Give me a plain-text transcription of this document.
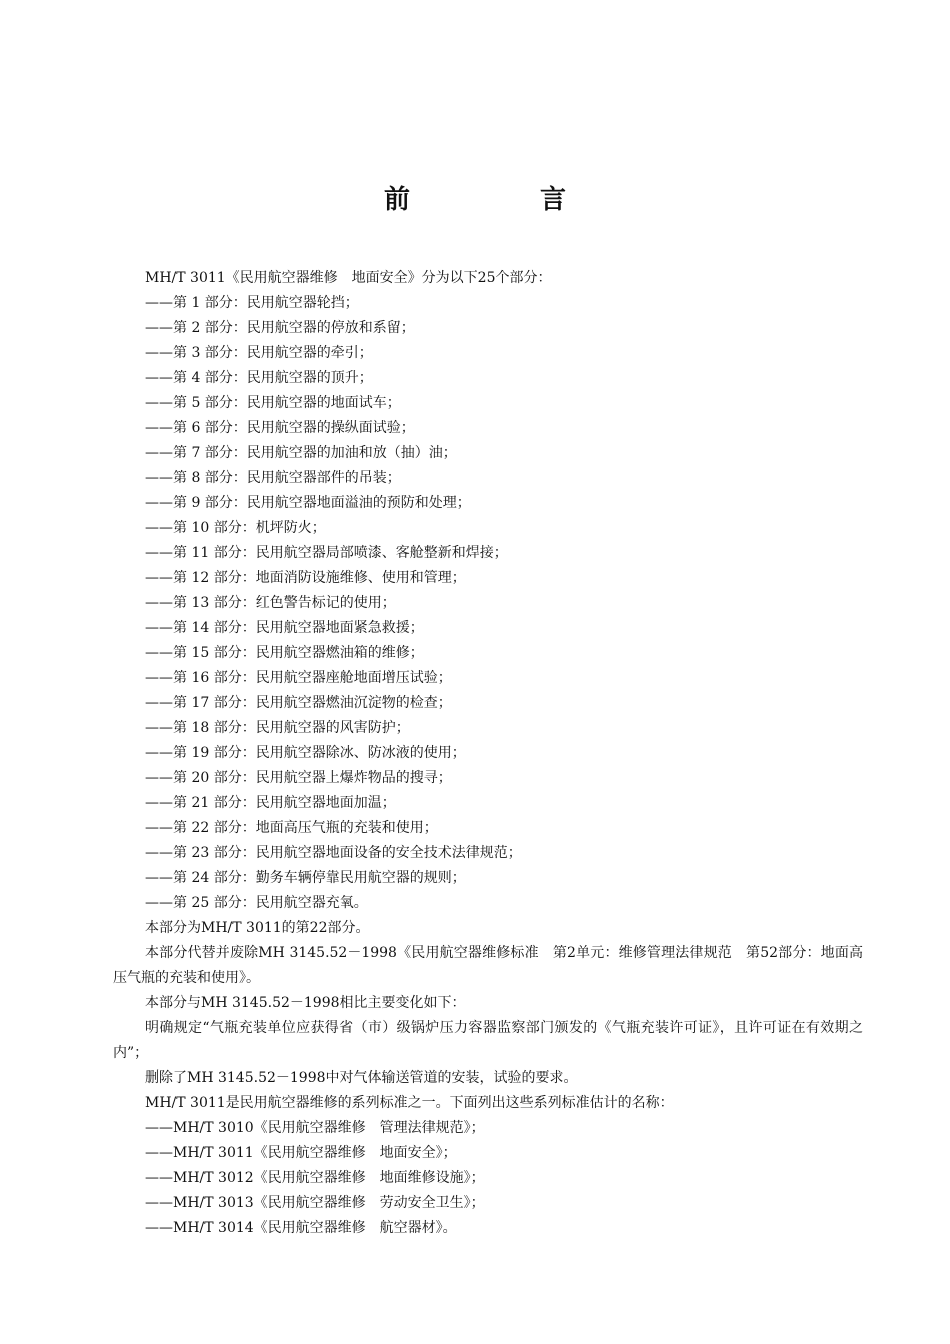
前　言

MH/T 3011《民用航空器维修　地面安全》分为以下25个部分：

——第 1 部分：民用航空器轮挡；

——第 2 部分：民用航空器的停放和系留；

——第 3 部分：民用航空器的牵引；

——第 4 部分：民用航空器的顶升；

——第 5 部分：民用航空器的地面试车；

——第 6 部分：民用航空器的操纵面试验；

——第 7 部分：民用航空器的加油和放（抽）油；

——第 8 部分：民用航空器部件的吊装；

——第 9 部分：民用航空器地面溢油的预防和处理；

——第 10 部分：机坪防火；

——第 11 部分：民用航空器局部喷漆、客舱整新和焊接；

——第 12 部分：地面消防设施维修、使用和管理；

——第 13 部分：红色警告标记的使用；

——第 14 部分：民用航空器地面紧急救援；

——第 15 部分：民用航空器燃油箱的维修；

——第 16 部分：民用航空器座舱地面增压试验；

——第 17 部分：民用航空器燃油沉淀物的检查；

——第 18 部分：民用航空器的风害防护；

——第 19 部分：民用航空器除冰、防冰液的使用；

——第 20 部分：民用航空器上爆炸物品的搜寻；

——第 21 部分：民用航空器地面加温；

——第 22 部分：地面高压气瓶的充装和使用；

——第 23 部分：民用航空器地面设备的安全技术法律规范；

——第 24 部分：勤务车辆停靠民用航空器的规则；

——第 25 部分：民用航空器充氧。

本部分为MH/T 3011的第22部分。

本部分代替并废除MH 3145.52－1998《民用航空器维修标准　第2单元：维修管理法律规范　第52部分：地面高压气瓶的充装和使用》。

本部分与MH 3145.52－1998相比主要变化如下：

明确规定“气瓶充装单位应获得省（市）级锅炉压力容器监察部门颁发的《气瓶充装许可证》，且许可证在有效期之内”；

删除了MH 3145.52－1998中对气体输送管道的安装，试验的要求。

MH/T 3011是民用航空器维修的系列标准之一。下面列出这些系列标准估计的名称：

——MH/T 3010《民用航空器维修　管理法律规范》；

——MH/T 3011《民用航空器维修　地面安全》；

——MH/T 3012《民用航空器维修　地面维修设施》；

——MH/T 3013《民用航空器维修　劳动安全卫生》；

——MH/T 3014《民用航空器维修　航空器材》。
